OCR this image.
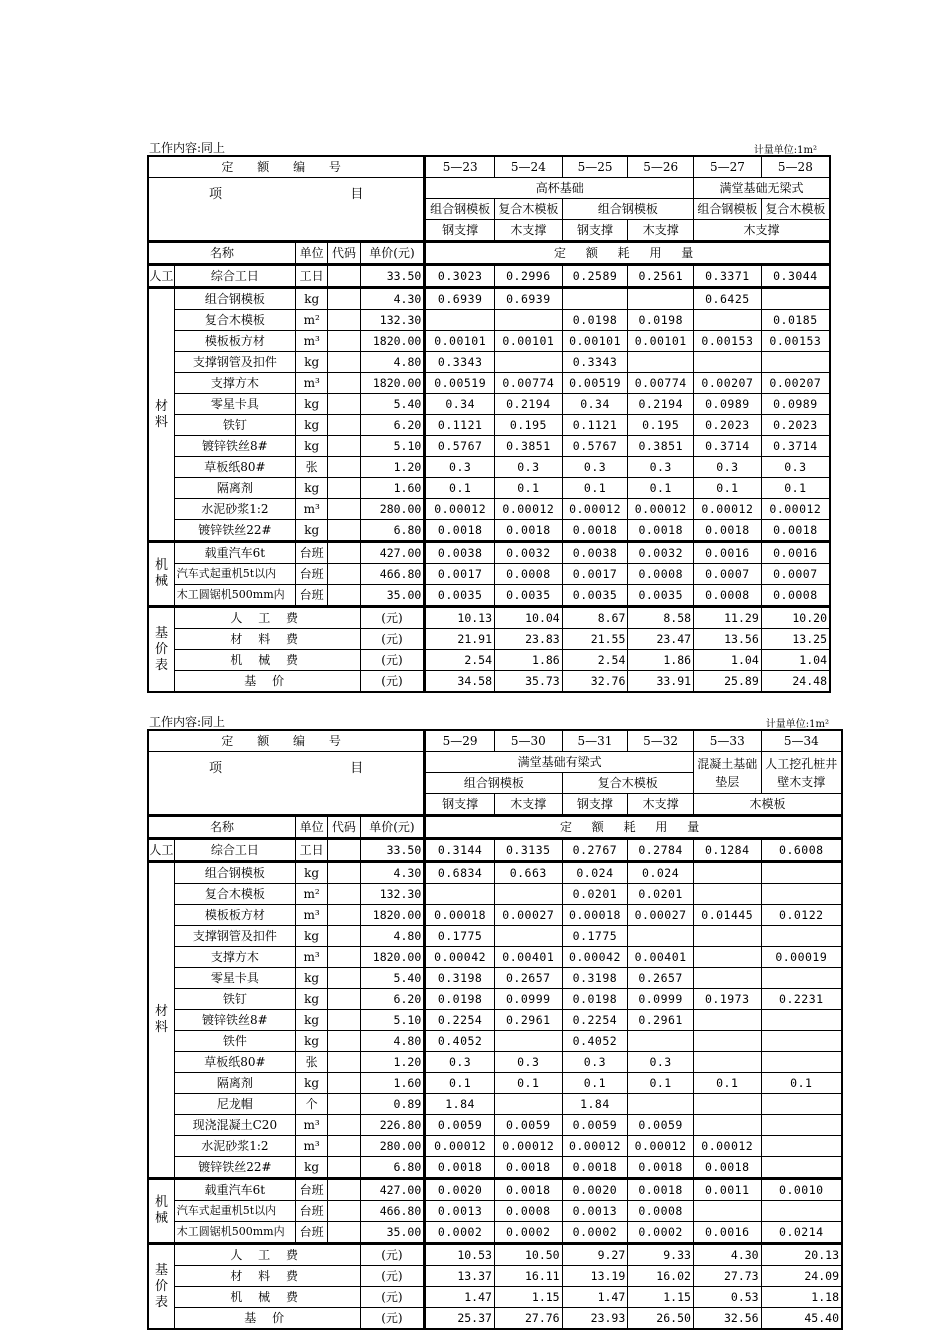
工作内容:同上	计量单位:1m²
定 额 编 号					5—23	5—24	5—25	5—26	5—27	5—28

项 目					高杯基础				满堂基础无梁式	
					组合钢模板	复合木模板	组合钢模板		组合钢模板	复合木模板
					钢支撑	木支撑	钢支撑	木支撑	木支撑	
名称		单位	代码	单价(元)	定 额 耗 用 量					
人工	综合工日	工日		33.50	0.3023	0.2996	0.2589	0.2561	0.3371	0.3044
材料	组合钢模板	kg		4.30	0.6939	0.6939			0.6425	
	复合木模板	m²		132.30			0.0198	0.0198		0.0185
	模板板方材	m³		1820.00	0.00101	0.00101	0.00101	0.00101	0.00153	0.00153
	支撑钢管及扣件	kg		4.80	0.3343		0.3343			
	支撑方木	m³		1820.00	0.00519	0.00774	0.00519	0.00774	0.00207	0.00207
	零星卡具	kg		5.40	0.34	0.2194	0.34	0.2194	0.0989	0.0989
	铁钉	kg		6.20	0.1121	0.195	0.1121	0.195	0.2023	0.2023
	镀锌铁丝8#	kg		5.10	0.5767	0.3851	0.5767	0.3851	0.3714	0.3714
	草板纸80#	张		1.20	0.3	0.3	0.3	0.3	0.3	0.3
	隔离剂	kg		1.60	0.1	0.1	0.1	0.1	0.1	0.1
	水泥砂浆1:2	m³		280.00	0.00012	0.00012	0.00012	0.00012	0.00012	0.00012
	镀锌铁丝22#	kg		6.80	0.0018	0.0018	0.0018	0.0018	0.0018	0.0018
机械	载重汽车6t	台班		427.00	0.0038	0.0032	0.0038	0.0032	0.0016	0.0016
	汽车式起重机5t以内	台班		466.80	0.0017	0.0008	0.0017	0.0008	0.0007	0.0007
	木工圆锯机500mm内	台班		35.00	0.0035	0.0035	0.0035	0.0035	0.0008	0.0008
基价表	人 工 费			(元)	10.13	10.04	8.67	8.58	11.29	10.20
	材 料 费			(元)	21.91	23.83	21.55	23.47	13.56	13.25
	机 械 费			(元)	2.54	1.86	2.54	1.86	1.04	1.04
	基 价			(元)	34.58	35.73	32.76	33.91	25.89	24.48
工作内容:同上	计量单位:1m²
定 额 编 号					5—29	5—30	5—31	5—32	5—33	5—34

项 目					满堂基础有梁式				混凝土基础垫层	人工挖孔桩井壁木支撑
					组合钢模板		复合木模板			
					钢支撑	木支撑	钢支撑	木支撑	木模板	
名称		单位	代码	单价(元)	定 额 耗 用 量					
人工	综合工日	工日		33.50	0.3144	0.3135	0.2767	0.2784	0.1284	0.6008
材料	组合钢模板	kg		4.30	0.6834	0.663	0.024	0.024		
	复合木模板	m²		132.30			0.0201	0.0201		
	模板板方材	m³		1820.00	0.00018	0.00027	0.00018	0.00027	0.01445	0.0122
	支撑钢管及扣件	kg		4.80	0.1775		0.1775			
	支撑方木	m³		1820.00	0.00042	0.00401	0.00042	0.00401		0.00019
	零星卡具	kg		5.40	0.3198	0.2657	0.3198	0.2657		
	铁钉	kg		6.20	0.0198	0.0999	0.0198	0.0999	0.1973	0.2231
	镀锌铁丝8#	kg		5.10	0.2254	0.2961	0.2254	0.2961		
	铁件	kg		4.80	0.4052		0.4052			
	草板纸80#	张		1.20	0.3	0.3	0.3	0.3		
	隔离剂	kg		1.60	0.1	0.1	0.1	0.1	0.1	0.1
	尼龙帽	个		0.89	1.84		1.84			
	现浇混凝土C20	m³		226.80	0.0059	0.0059	0.0059	0.0059		
	水泥砂浆1:2	m³		280.00	0.00012	0.00012	0.00012	0.00012	0.00012	
	镀锌铁丝22#	kg		6.80	0.0018	0.0018	0.0018	0.0018	0.0018	
机械	载重汽车6t	台班		427.00	0.0020	0.0018	0.0020	0.0018	0.0011	0.0010
	汽车式起重机5t以内	台班		466.80	0.0013	0.0008	0.0013	0.0008		
	木工圆锯机500mm内	台班		35.00	0.0002	0.0002	0.0002	0.0002	0.0016	0.0214
基价表	人 工 费			(元)	10.53	10.50	9.27	9.33	4.30	20.13
	材 料 费			(元)	13.37	16.11	13.19	16.02	27.73	24.09
	机 械 费			(元)	1.47	1.15	1.47	1.15	0.53	1.18
	基 价			(元)	25.37	27.76	23.93	26.50	32.56	45.40
